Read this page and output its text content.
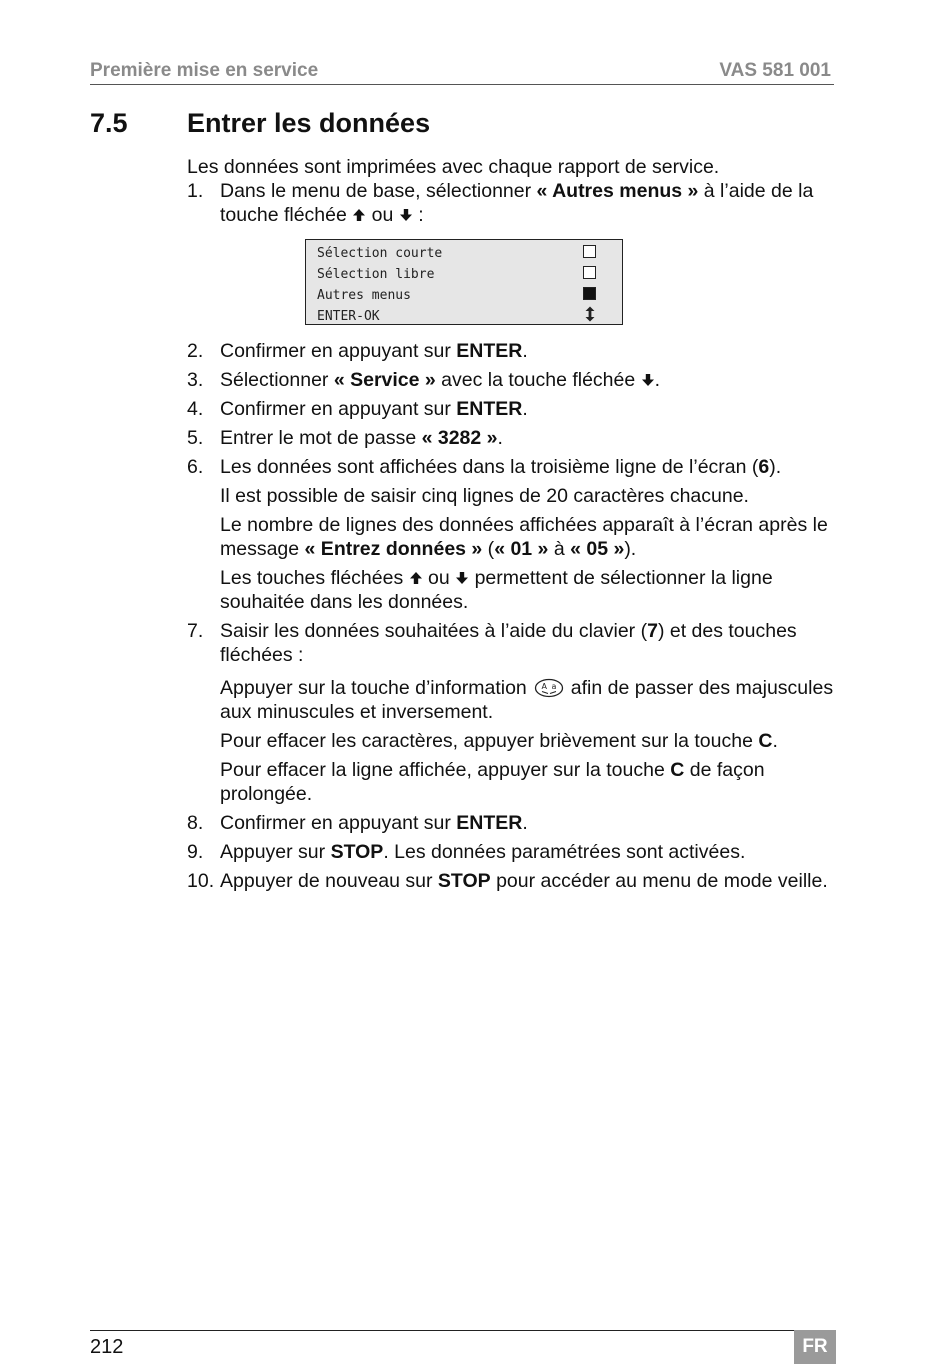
Première mise en service	VAS 581 001
7.5 Entrer les données

Les données sont imprimées avec chaque rapport de service.

1. Dans le menu de base, sélectionner « Autres menus » à l’aide de la touche fléchée  ou  :
Sélection courte
Sélection libre
Autres menus
ENTER-OK
2. Confirmer en appuyant sur ENTER.
3. Sélectionner « Service » avec la touche fléchée .
4. Confirmer en appuyant sur ENTER.
5. Entrer le mot de passe « 3282 ».
6. Les données sont affichées dans la troisième ligne de l’écran (6).
Il est possible de saisir cinq lignes de 20 caractères chacune.
Le nombre de lignes des données affichées apparaît à l’écran après le message « Entrez données » (« 01 » à « 05 »).
Les touches fléchées  ou  permettent de sélectionner la ligne souhaitée dans les données.
7. Saisir les données souhaitées à l’aide du clavier (7) et des touches fléchées :
Appuyer sur la touche d’information A a afin de passer des majuscules aux minuscules et inversement.
Pour effacer les caractères, appuyer brièvement sur la touche C.
Pour effacer la ligne affichée, appuyer sur la touche C de façon prolongée.
8. Confirmer en appuyant sur ENTER.
9. Appuyer sur STOP. Les données paramétrées sont activées.
10. Appuyer de nouveau sur STOP pour accéder au menu de mode veille.
212	FR
